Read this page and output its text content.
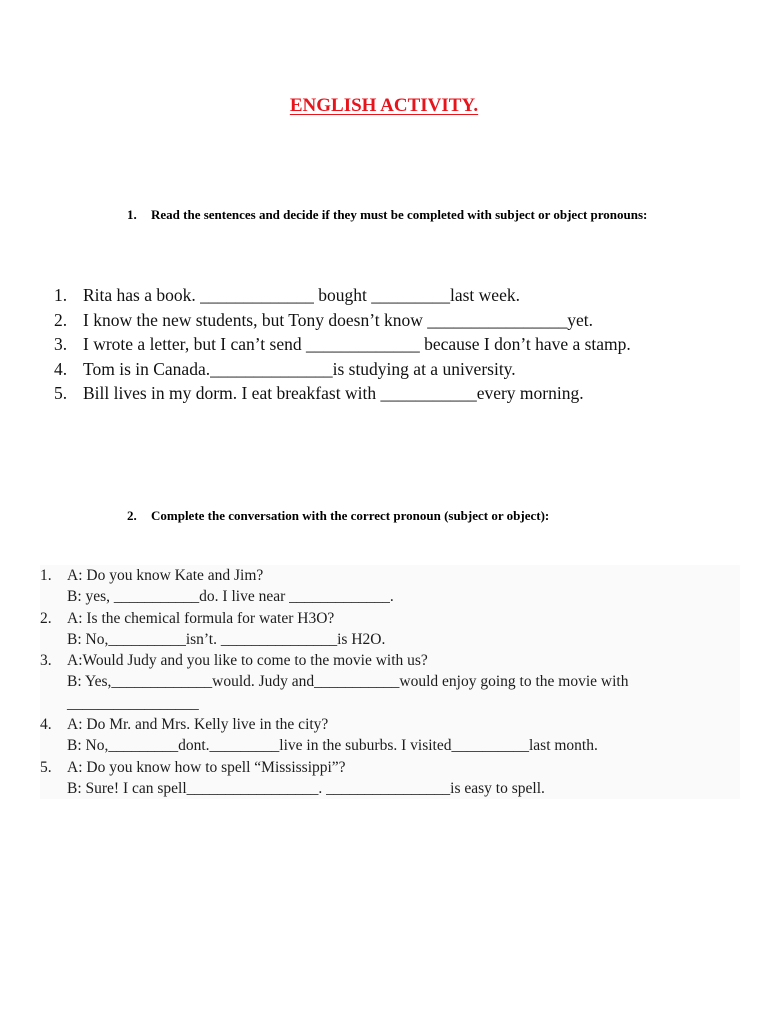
ENGLISH ACTIVITY.
1.	Read the sentences and decide if they must be completed with subject or object pronouns:
1. Rita has a book. _____________ bought _________last week.
2. I know the new students, but Tony doesn’t know ________________yet.
3. I wrote a letter, but I can’t send _____________ because I don’t have a stamp.
4. Tom is in Canada.______________is studying at a university.
5. Bill lives in my dorm. I eat breakfast with ___________every morning.
2.	Complete the conversation with the correct pronoun (subject or object):
1. A: Do you know Kate and Jim?
B: yes, ___________do. I live near _____________.
2. A: Is the chemical formula for water H3O?
B: No,__________isn’t. _______________is H2O.
3. A:Would Judy and you like to come to the movie with us?
B: Yes,_____________would. Judy and___________would enjoy going to the movie with
_________________
4. A: Do Mr. and Mrs. Kelly live in the city?
B: No,_________dont._________live in the suburbs. I visited__________last month.
5. A: Do you know how to spell “Mississippi”?
B: Sure! I can spell_________________. ________________is easy to spell.
